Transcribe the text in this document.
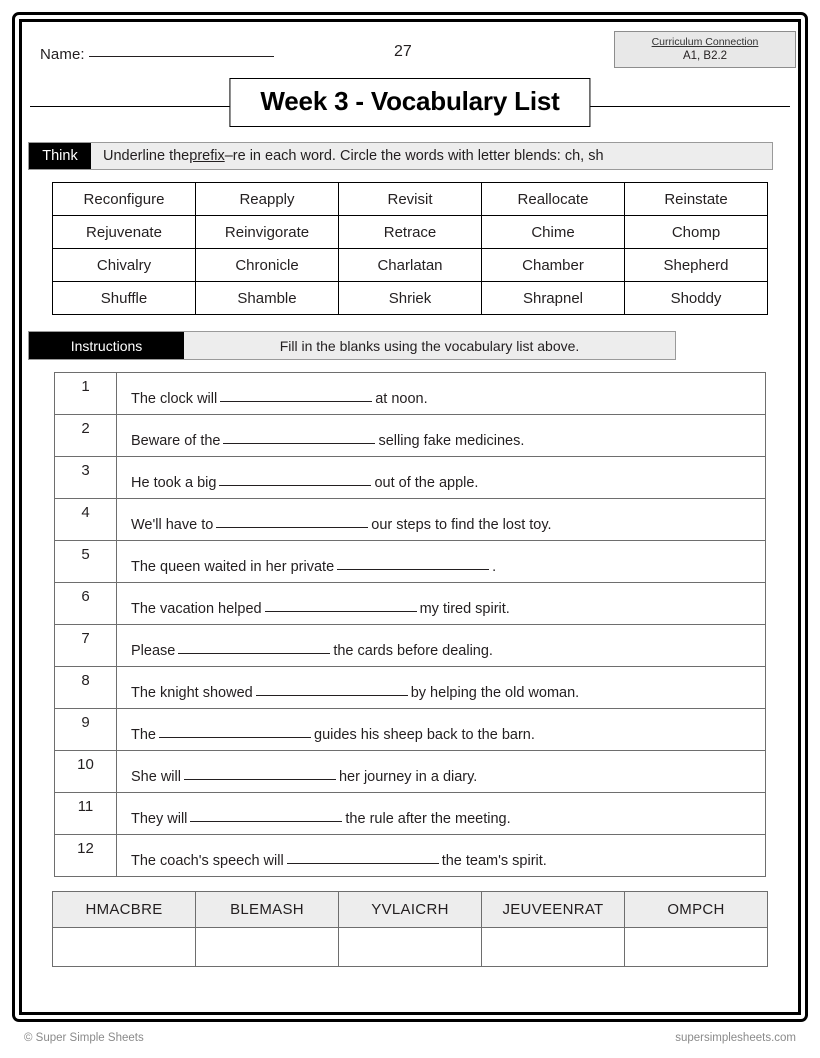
Name:	27
Curriculum Connection
A1, B2.2
Week 3 - Vocabulary List
Think	Underline the prefix –re in each word. Circle the words with letter blends: ch, sh
Reconfigure	Reapply	Revisit	Reallocate	Reinstate
Rejuvenate	Reinvigorate	Retrace	Chime	Chomp
Chivalry	Chronicle	Charlatan	Chamber	Shepherd
Shuffle	Shamble	Shriek	Shrapnel	Shoddy
Instructions	Fill in the blanks using the vocabulary list above.
1	The clock will at noon.
2	Beware of the selling fake medicines.
3	He took a big out of the apple.
4	We'll have to our steps to find the lost toy.
5	The queen waited in her private .
6	The vacation helped my tired spirit.
7	Please the cards before dealing.
8	The knight showed by helping the old woman.
9	The guides his sheep back to the barn.
10	She will her journey in a diary.
11	They will the rule after the meeting.
12	The coach's speech will the team's spirit.
HMACBRE	BLEMASH	YVLAICRH	JEUVEENRAT	OMPCH

© Super Simple Sheets	supersimplesheets.com
